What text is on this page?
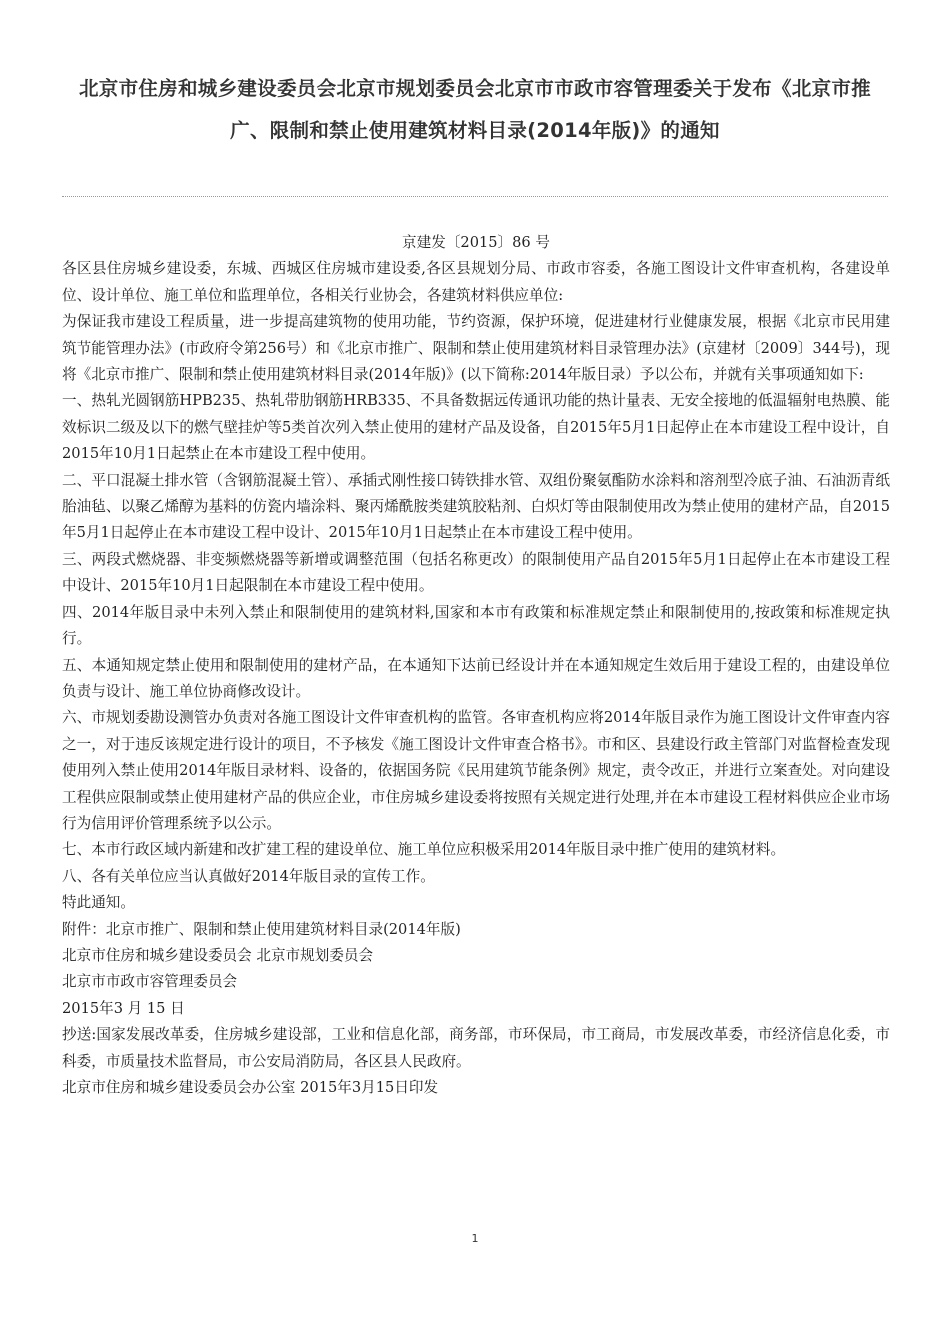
北京市住房和城乡建设委员会北京市规划委员会北京市市政市容管理委关于发布《北京市推广、限制和禁止使用建筑材料目录(2014年版)》的通知

京建发〔2015〕86 号

各区县住房城乡建设委，东城、西城区住房城市建设委,各区县规划分局、市政市容委，各施工图设计文件审查机构，各建设单位、设计单位、施工单位和监理单位，各相关行业协会，各建筑材料供应单位:

为保证我市建设工程质量，进一步提高建筑物的使用功能，节约资源，保护环境，促进建材行业健康发展，根据《北京市民用建筑节能管理办法》(市政府令第256号）和《北京市推广、限制和禁止使用建筑材料目录管理办法》(京建材〔2009〕344号)，现将《北京市推广、限制和禁止使用建筑材料目录(2014年版)》(以下简称:2014年版目录）予以公布，并就有关事项通知如下:

一、热轧光圆钢筋HPB235、热轧带肋钢筋HRB335、不具备数据远传通讯功能的热计量表、无安全接地的低温辐射电热膜、能效标识二级及以下的燃气壁挂炉等5类首次列入禁止使用的建材产品及设备，自2015年5月1日起停止在本市建设工程中设计，自2015年10月1日起禁止在本市建设工程中使用。

二、平口混凝土排水管（含钢筋混凝土管）、承插式刚性接口铸铁排水管、双组份聚氨酯防水涂料和溶剂型冷底子油、石油沥青纸胎油毡、以聚乙烯醇为基料的仿瓷内墙涂料、聚丙烯酰胺类建筑胶粘剂、白炽灯等由限制使用改为禁止使用的建材产品，自2015年5月1日起停止在本市建设工程中设计、2015年10月1日起禁止在本市建设工程中使用。

三、两段式燃烧器、非变频燃烧器等新增或调整范围（包括名称更改）的限制使用产品自2015年5月1日起停止在本市建设工程中设计、2015年10月1日起限制在本市建设工程中使用。

四、2014年版目录中未列入禁止和限制使用的建筑材料,国家和本市有政策和标准规定禁止和限制使用的,按政策和标准规定执行。

五、本通知规定禁止使用和限制使用的建材产品，在本通知下达前已经设计并在本通知规定生效后用于建设工程的，由建设单位负责与设计、施工单位协商修改设计。

六、市规划委勘设测管办负责对各施工图设计文件审查机构的监管。各审查机构应将2014年版目录作为施工图设计文件审查内容之一，对于违反该规定进行设计的项目，不予核发《施工图设计文件审查合格书》。市和区、县建设行政主管部门对监督检查发现使用列入禁止使用2014年版目录材料、设备的，依据国务院《民用建筑节能条例》规定，责令改正，并进行立案查处。对向建设工程供应限制或禁止使用建材产品的供应企业，市住房城乡建设委将按照有关规定进行处理,并在本市建设工程材料供应企业市场行为信用评价管理系统予以公示。

七、本市行政区域内新建和改扩建工程的建设单位、施工单位应积极采用2014年版目录中推广使用的建筑材料。

八、各有关单位应当认真做好2014年版目录的宣传工作。

特此通知。

附件：北京市推广、限制和禁止使用建筑材料目录(2014年版)

北京市住房和城乡建设委员会 北京市规划委员会

北京市市政市容管理委员会

2015年3 月 15 日

抄送:国家发展改革委，住房城乡建设部，工业和信息化部，商务部，市环保局，市工商局，市发展改革委，市经济信息化委，市科委，市质量技术监督局，市公安局消防局，各区县人民政府。

北京市住房和城乡建设委员会办公室 2015年3月15日印发

1
